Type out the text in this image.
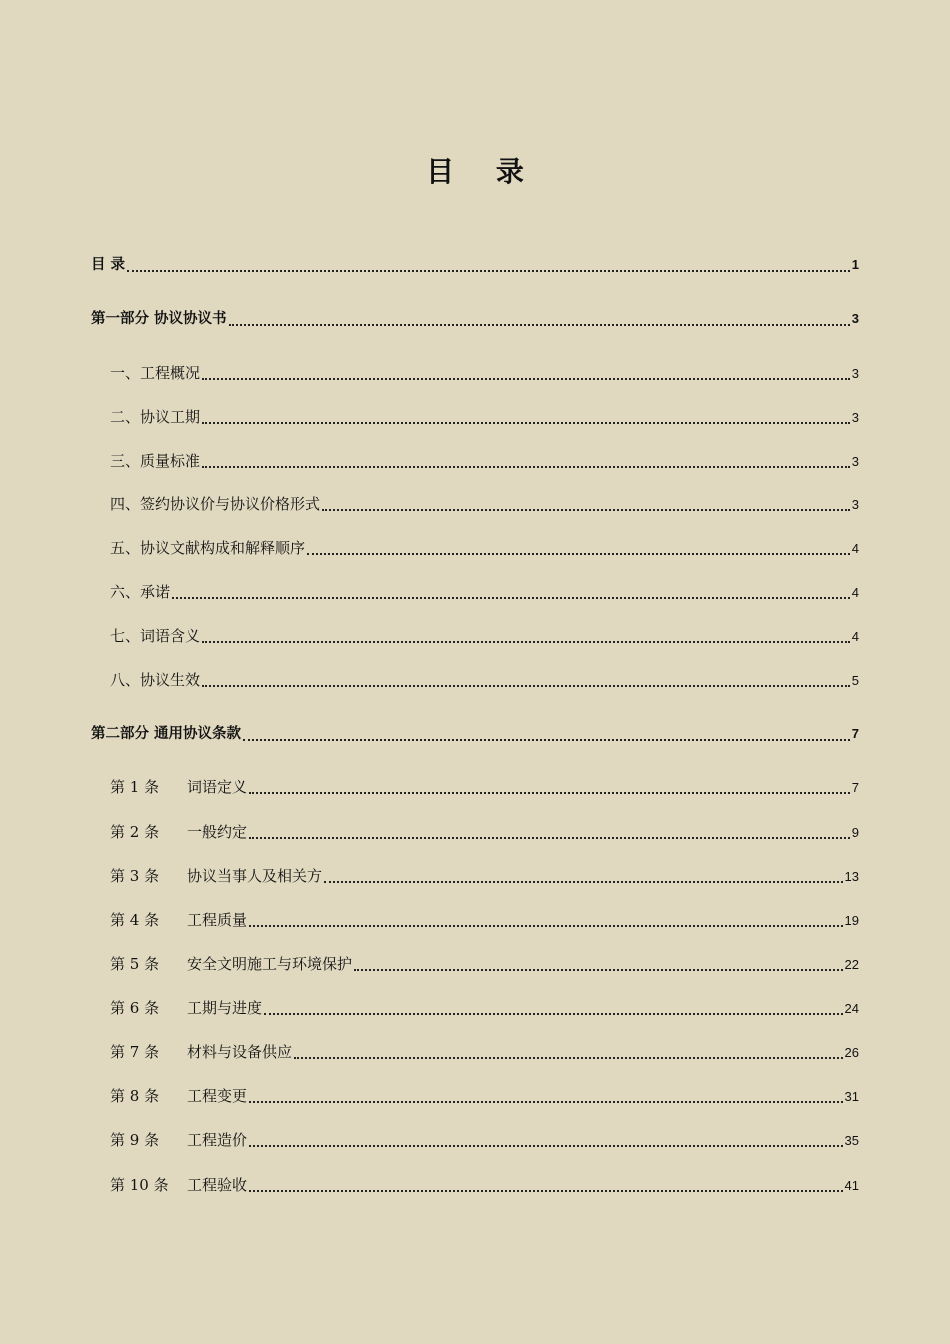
目 录
目 录	1
第一部分 协议协议书	3
一、工程概况	3
二、协议工期	3
三、质量标准	3
四、签约协议价与协议价格形式	3
五、协议文献构成和解释顺序	4
六、承诺	4
七、词语含义	4
八、协议生效	5
第二部分 通用协议条款	7
第 1 条	词语定义	7
第 2 条	一般约定	9
第 3 条	协议当事人及相关方	13
第 4 条	工程质量	19
第 5 条	安全文明施工与环境保护	22
第 6 条	工期与进度	24
第 7 条	材料与设备供应	26
第 8 条	工程变更	31
第 9 条	工程造价	35
第 10 条	工程验收	41
